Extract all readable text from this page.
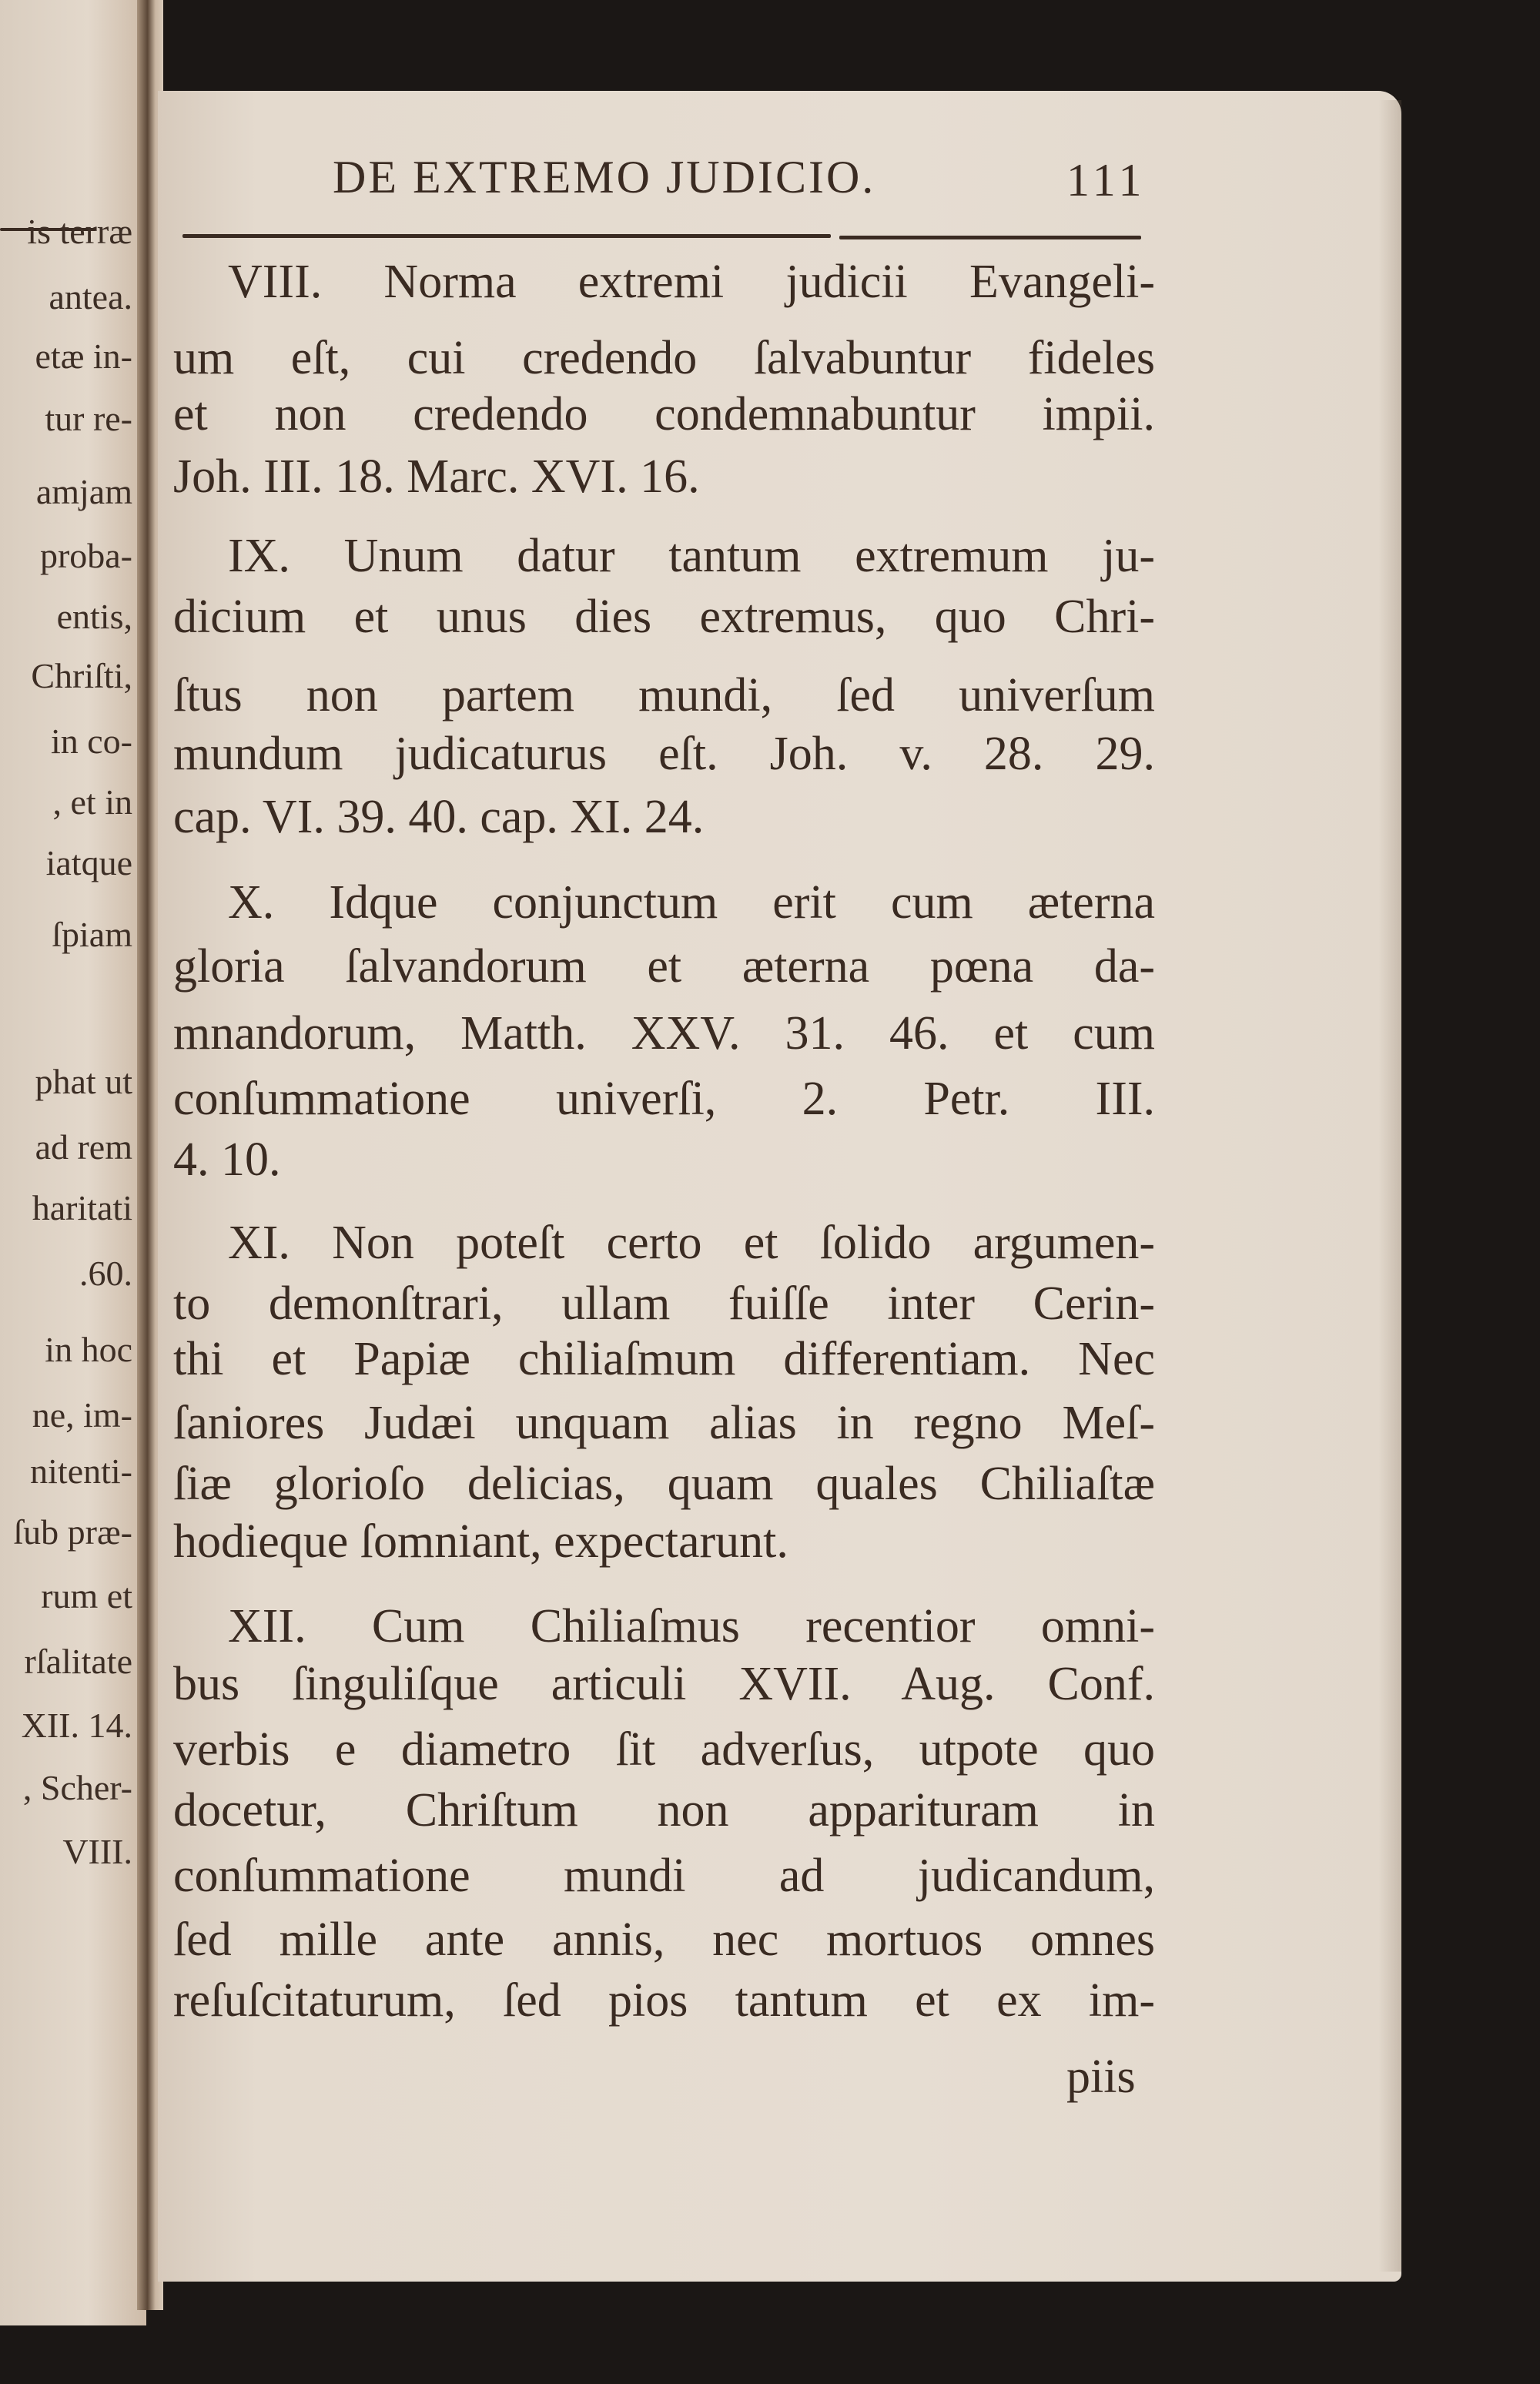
DE EXTREMO JUDICIO.	111
VIII. Norma extremi judicii Evangeli-
um eſt, cui credendo ſalvabuntur fideles
et non credendo condemnabuntur impii.
Joh. III. 18. Marc. XVI. 16.
IX. Unum datur tantum extremum ju-
dicium et unus dies extremus, quo Chri-
ſtus non partem mundi, ſed univerſum
mundum judicaturus eſt. Joh. v. 28. 29.
cap. VI. 39. 40. cap. XI. 24.
X. Idque conjunctum erit cum æterna
gloria ſalvandorum et æterna pœna da-
mnandorum, Matth. XXV. 31. 46. et cum
conſummatione univerſi, 2. Petr. III.
4. 10.
XI. Non poteſt certo et ſolido argumen-
to demonſtrari, ullam fuiſſe inter Cerin-
thi et Papiæ chiliaſmum differentiam. Nec
ſaniores Judæi unquam alias in regno Meſ-
ſiæ glorioſo delicias, quam quales Chiliaſtæ
hodieque ſomniant, expectarunt.
XII. Cum Chiliaſmus recentior omni-
bus ſinguliſque articuli XVII. Aug. Conf.
verbis e diametro ſit adverſus, utpote quo
docetur, Chriſtum non apparituram in
conſummatione mundi ad judicandum,
ſed mille ante annis, nec mortuos omnes
reſuſcitaturum, ſed pios tantum et ex im-
piis
is terræ
antea.
etæ in-
tur re-
amjam
proba-
entis,
Chriſti,
in co-
, et in
iatque
ſpiam
phat ut
ad rem
haritati
.60.
in hoc
ne, im-
nitenti-
ſub præ-
rum et
rſalitate
XII. 14.
, Scher-
VIII.
